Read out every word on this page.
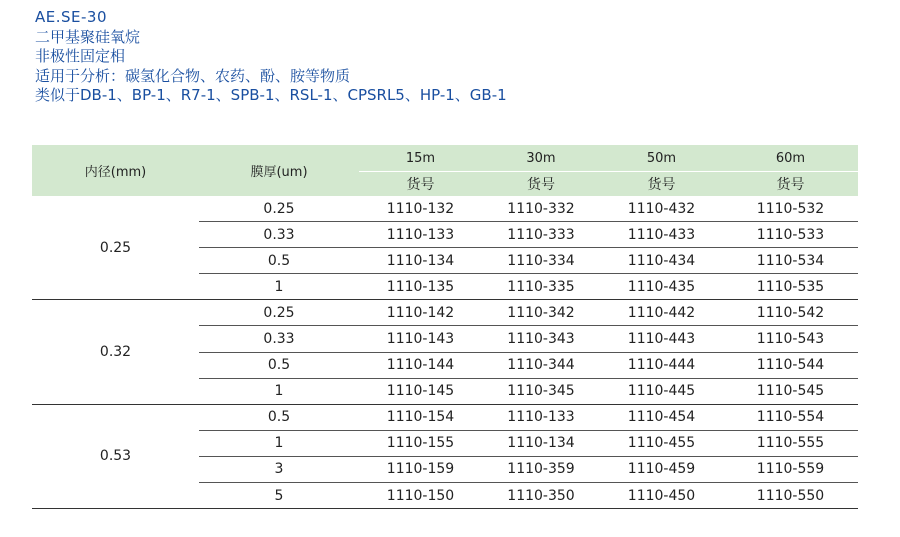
AE.SE-30
二甲基聚硅氧烷
非极性固定相
适用于分析：碳氢化合物、农药、酚、胺等物质
类似于DB-1、BP-1、R7-1、SPB-1、RSL-1、CPSRL5、HP-1、GB-1
内径(mm)	膜厚(um)	15m	30m	50m	60m
		货号	货号	货号	货号
0.25	0.25	1110-132	1110-332	1110-432	1110-532
	0.33	1110-133	1110-333	1110-433	1110-533
	0.5	1110-134	1110-334	1110-434	1110-534
	1	1110-135	1110-335	1110-435	1110-535
0.32	0.25	1110-142	1110-342	1110-442	1110-542
	0.33	1110-143	1110-343	1110-443	1110-543
	0.5	1110-144	1110-344	1110-444	1110-544
	1	1110-145	1110-345	1110-445	1110-545
0.53	0.5	1110-154	1110-133	1110-454	1110-554
	1	1110-155	1110-134	1110-455	1110-555
	3	1110-159	1110-359	1110-459	1110-559
	5	1110-150	1110-350	1110-450	1110-550
